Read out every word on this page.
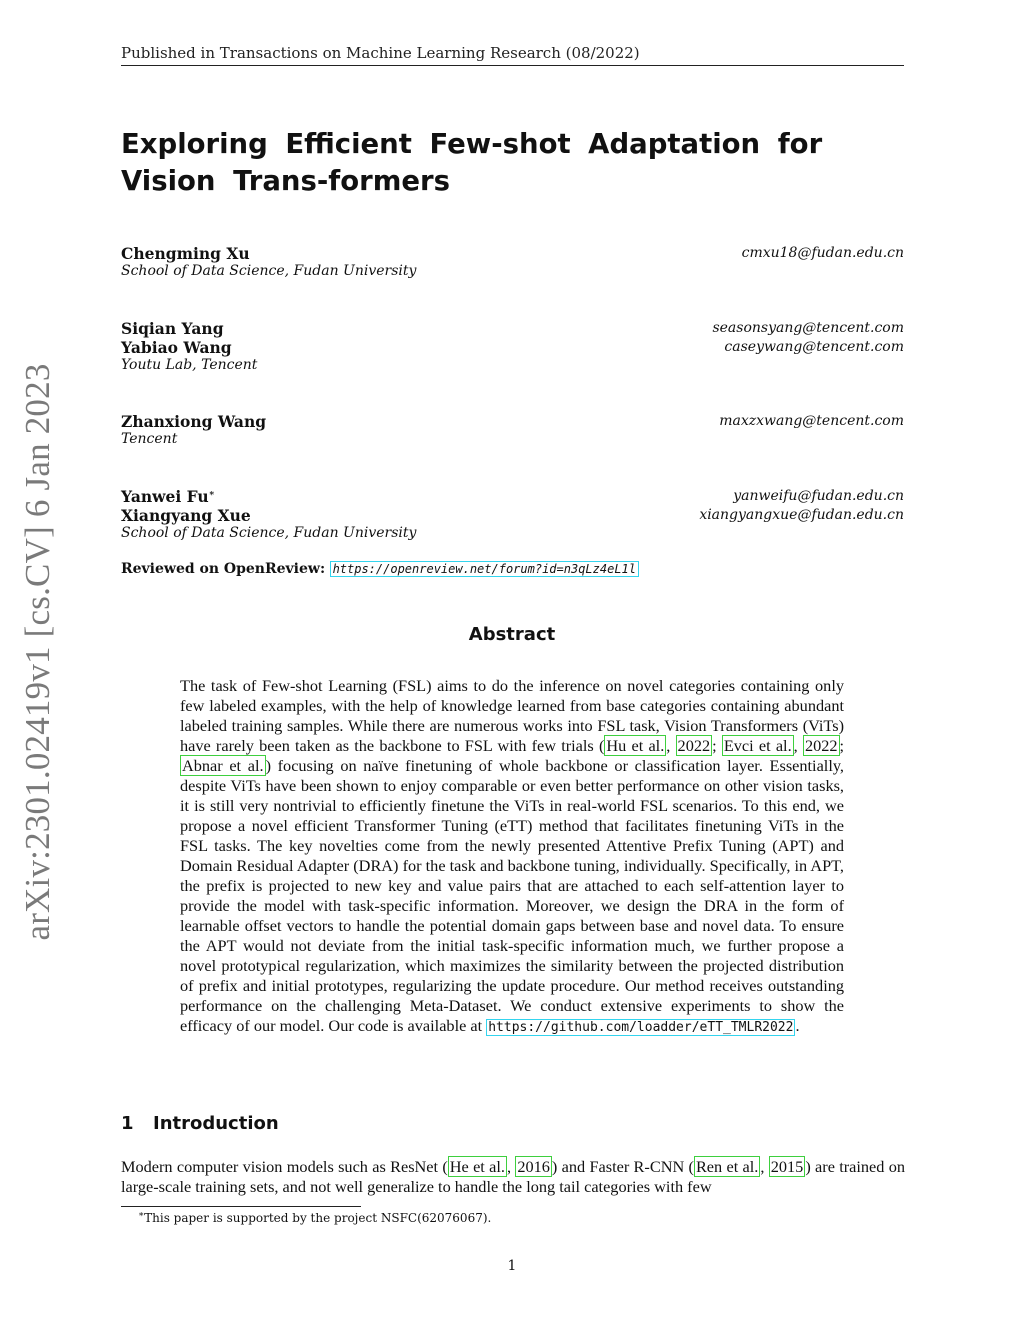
Published in Transactions on Machine Learning Research (08/2022)
arXiv:2301.02419v1 [cs.CV] 6 Jan 2023
Exploring Efficient Few-shot Adaptation for Vision Trans-formers
Chengming Xu	cmxu18@fudan.edu.cn
School of Data Science, Fudan University
Siqian Yang	seasonsyang@tencent.com
Yabiao Wang	caseywang@tencent.com
Youtu Lab, Tencent
Zhanxiong Wang	maxzxwang@tencent.com
Tencent
Yanwei Fu∗	yanweifu@fudan.edu.cn
Xiangyang Xue	xiangyangxue@fudan.edu.cn
School of Data Science, Fudan University
Reviewed on OpenReview: https://openreview.net/forum?id=n3qLz4eL1l
Abstract
The task of Few-shot Learning (FSL) aims to do the inference on novel categories containing only few labeled examples, with the help of knowledge learned from base categories containing abundant labeled training samples. While there are numerous works into FSL task, Vision Transformers (ViTs) have rarely been taken as the backbone to FSL with few trials ( Hu et al. , 2022 ; Evci et al. , 2022 ; Abnar et al. ) focusing on naïve finetuning of whole backbone or classification layer. Essentially, despite ViTs have been shown to enjoy comparable or even better performance on other vision tasks, it is still very nontrivial to efficiently finetune the ViTs in real-world FSL scenarios. To this end, we propose a novel efficient Transformer Tuning (eTT) method that facilitates finetuning ViTs in the FSL tasks. The key novelties come from the newly presented Attentive Prefix Tuning (APT) and Domain Residual Adapter (DRA) for the task and backbone tuning, individually. Specifically, in APT, the prefix is projected to new key and value pairs that are attached to each self-attention layer to provide the model with task-specific information. Moreover, we design the DRA in the form of learnable offset vectors to handle the potential domain gaps between base and novel data. To ensure the APT would not deviate from the initial task-specific information much, we further propose a novel prototypical regularization, which maximizes the similarity between the projected distribution of prefix and initial prototypes, regularizing the update procedure. Our method receives outstanding performance on the challenging Meta-Dataset. We conduct extensive experiments to show the efficacy of our model. Our code is available at https://github.com/loadder/eTT_TMLR2022 .
1 Introduction
Modern computer vision models such as ResNet ( He et al. , 2016 ) and Faster R-CNN ( Ren et al. , 2015 ) are trained on large-scale training sets, and not well generalize to handle the long tail categories with few
∗This paper is supported by the project NSFC(62076067).
1
